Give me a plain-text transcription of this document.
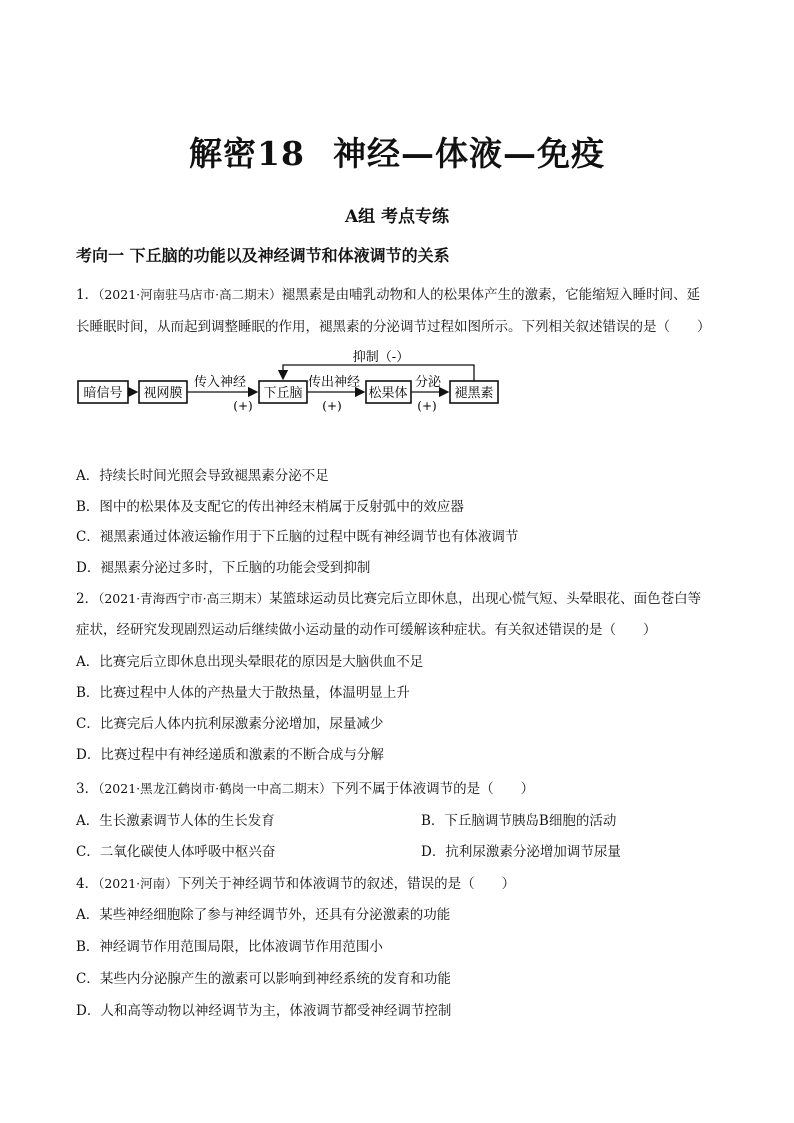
解密18 神经—体液—免疫
A组 考点专练
考向一 下丘脑的功能以及神经调节和体液调节的关系
1．（2021·河南驻马店市·高二期末）褪黑素是由哺乳动物和人的松果体产生的激素，它能缩短入睡时间、延
长睡眠时间，从而起到调整睡眠的作用，褪黑素的分泌调节过程如图所示。下列相关叙述错误的是（　　）
暗信号 视网膜	下丘脑	松果体	褪黑素
抑制（-）
传入神经	传出神经	分泌
(+)	(+)	(+)
A．持续长时间光照会导致褪黑素分泌不足
B．图中的松果体及支配它的传出神经末梢属于反射弧中的效应器
C．褪黑素通过体液运输作用于下丘脑的过程中既有神经调节也有体液调节
D．褪黑素分泌过多时，下丘脑的功能会受到抑制
2．（2021·青海西宁市·高三期末）某篮球运动员比赛完后立即休息，出现心慌气短、头晕眼花、面色苍白等
症状，经研究发现剧烈运动后继续做小运动量的动作可缓解该种症状。有关叙述错误的是（　　）
A．比赛完后立即休息出现头晕眼花的原因是大脑供血不足
B．比赛过程中人体的产热量大于散热量，体温明显上升
C．比赛完后人体内抗利尿激素分泌增加，尿量减少
D．比赛过程中有神经递质和激素的不断合成与分解
3．（2021·黑龙江鹤岗市·鹤岗一中高二期末）下列不属于体液调节的是（　　）
A．生长激素调节人体的生长发育	B．下丘脑调节胰岛B细胞的活动
C．二氧化碳使人体呼吸中枢兴奋	D．抗利尿激素分泌增加调节尿量
4．（2021·河南）下列关于神经调节和体液调节的叙述，错误的是（　　）
A．某些神经细胞除了参与神经调节外，还具有分泌激素的功能
B．神经调节作用范围局限，比体液调节作用范围小
C．某些内分泌腺产生的激素可以影响到神经系统的发育和功能
D．人和高等动物以神经调节为主，体液调节都受神经调节控制
